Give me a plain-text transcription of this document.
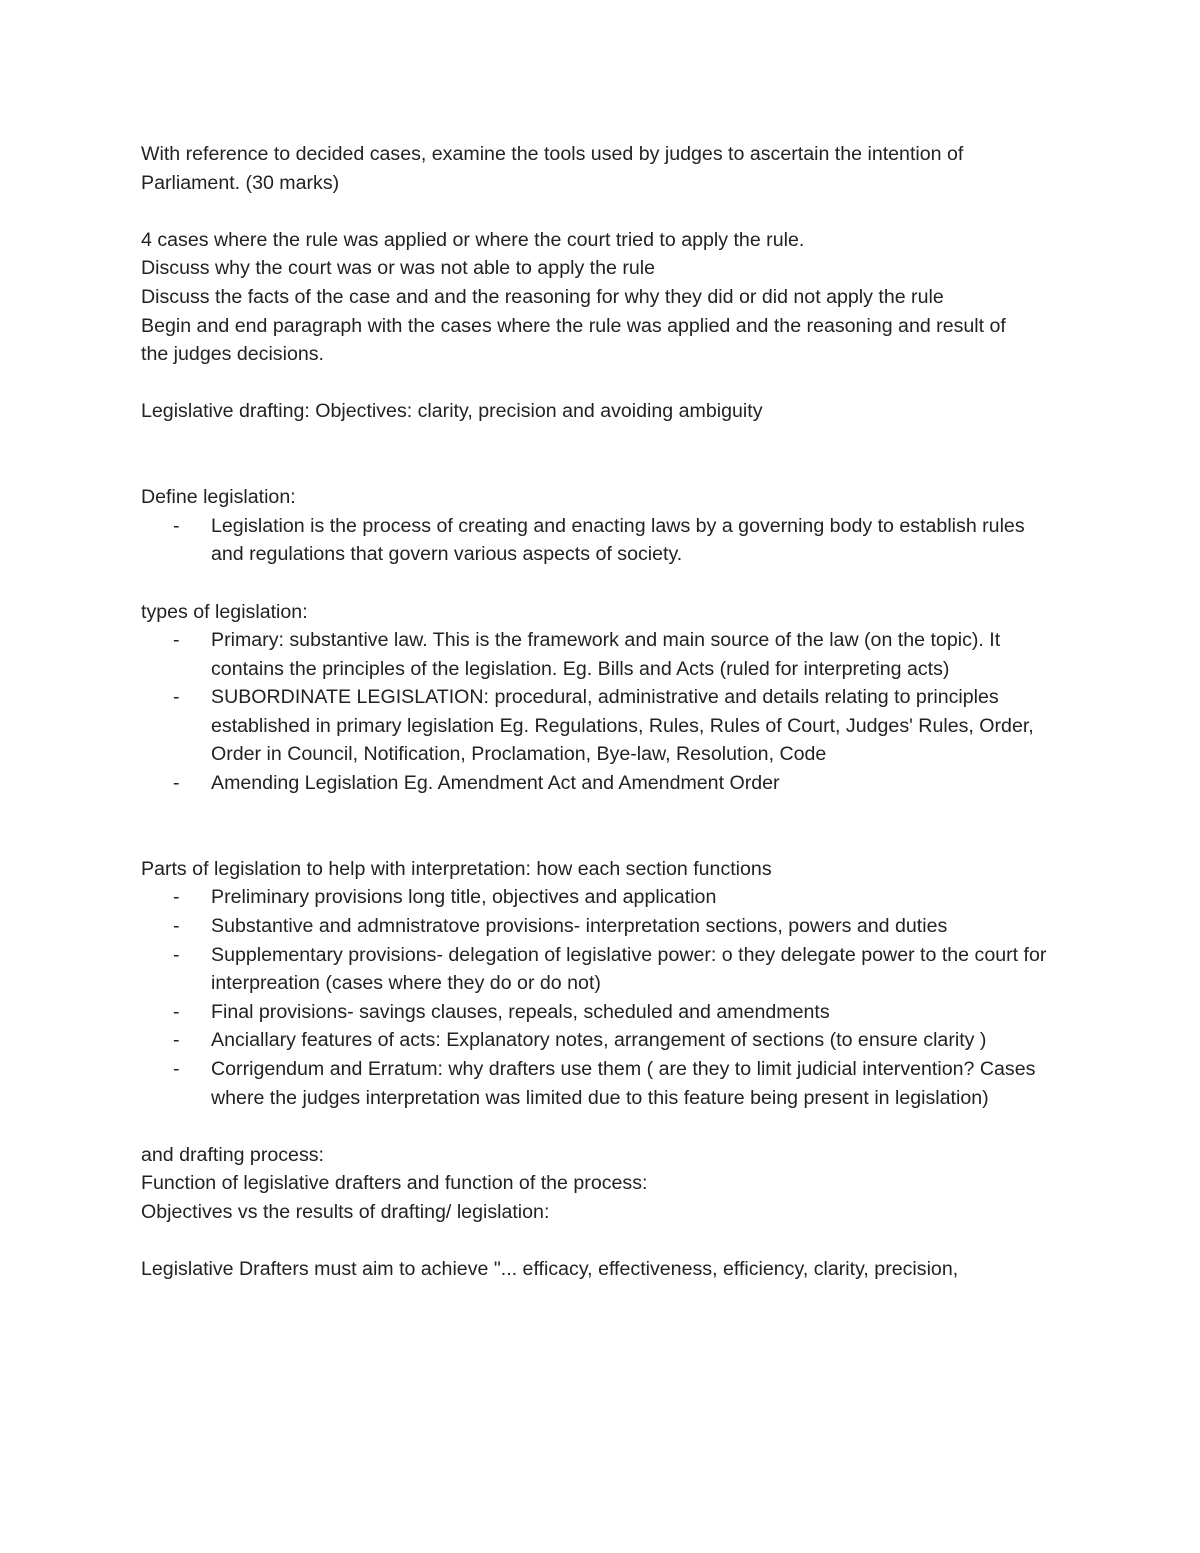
With reference to decided cases, examine the tools used by judges to ascertain the intention of

Parliament. (30 marks)

4 cases where the rule was applied or where the court tried to apply the rule.

Discuss why the court was or was not able to apply the rule

Discuss the facts of the case and and the reasoning for why they did or did not apply the rule

Begin and end paragraph with the cases where the rule was applied and the reasoning and result of the judges decisions.

Legislative drafting: Objectives: clarity, precision and avoiding ambiguity

Define legislation:

- Legislation is the process of creating and enacting laws by a governing body to establish rules and regulations that govern various aspects of society.

types of legislation:

- Primary: substantive law. This is the framework and main source of the law (on the topic). It contains the principles of the legislation. Eg. Bills and Acts (ruled for interpreting acts)
- SUBORDINATE LEGISLATION: procedural, administrative and details relating to principles established in primary legislation Eg. Regulations, Rules, Rules of Court, Judges' Rules, Order, Order in Council, Notification, Proclamation, Bye-law, Resolution, Code
- Amending Legislation Eg. Amendment Act and Amendment Order

Parts of legislation to help with interpretation: how each section functions

- Preliminary provisions long title, objectives and application
- Substantive and admnistratove provisions- interpretation sections, powers and duties
- Supplementary provisions- delegation of legislative power: o they delegate power to the court for interpreation (cases where they do or do not)
- Final provisions- savings clauses, repeals, scheduled and amendments
- Anciallary features of acts: Explanatory notes, arrangement of sections (to ensure clarity )
- Corrigendum and Erratum: why drafters use them ( are they to limit judicial intervention? Cases where the judges interpretation was limited due to this feature being present in legislation)

and drafting process:

Function of legislative drafters and function of the process:

Objectives vs the results of drafting/ legislation:

Legislative Drafters must aim to achieve "... efficacy, effectiveness, efficiency, clarity, precision,
